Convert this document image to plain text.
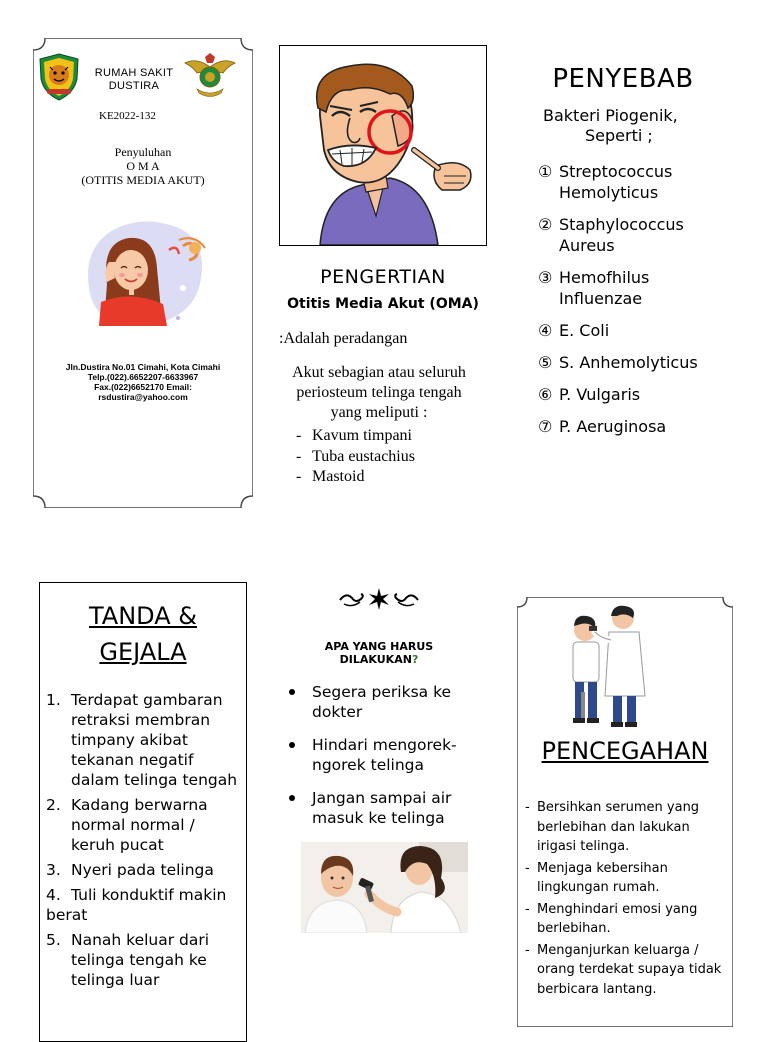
RUMAH SAKIT DUSTIRA
KE2022-132
Penyuluhan
O M A
(OTITIS MEDIA AKUT)
Jln.Dustira No.01 Cimahi, Kota Cimahi
Telp.(022).6652207-6633967
Fax.(022)6652170 Email:
rsdustira@yahoo.com
PENGERTIAN
Otitis Media Akut (OMA)
:Adalah peradangan
Akut sebagian atau seluruh periosteum telinga tengah yang meliputi :
- Kavum timpani
- Tuba eustachius
- Mastoid
PENYEBAB
Bakteri Piogenik,
Seperti ;
① Streptococcus Hemolyticus
② Staphylococcus Aureus
③ Hemofhilus Influenzae
④ E. Coli
⑤ S. Anhemolyticus
⑥ P. Vulgaris
⑦ P. Aeruginosa
TANDA &
GEJALA
1. Terdapat gambaran retraksi membran timpany akibat tekanan negatif dalam telinga tengah
2. Kadang berwarna normal normal / keruh pucat
3. Nyeri pada telinga
4. Tuli konduktif makin berat
5. Nanah keluar dari telinga tengah ke telinga luar
APA YANG HARUS
DILAKUKAN?
Segera periksa ke dokter
Hindari mengorek-ngorek telinga
Jangan sampai air masuk ke telinga
PENCEGAHAN
- Bersihkan serumen yang berlebihan dan lakukan irigasi telinga.
- Menjaga kebersihan lingkungan rumah.
- Menghindari emosi yang berlebihan.
- Menganjurkan keluarga / orang terdekat supaya tidak berbicara lantang.
